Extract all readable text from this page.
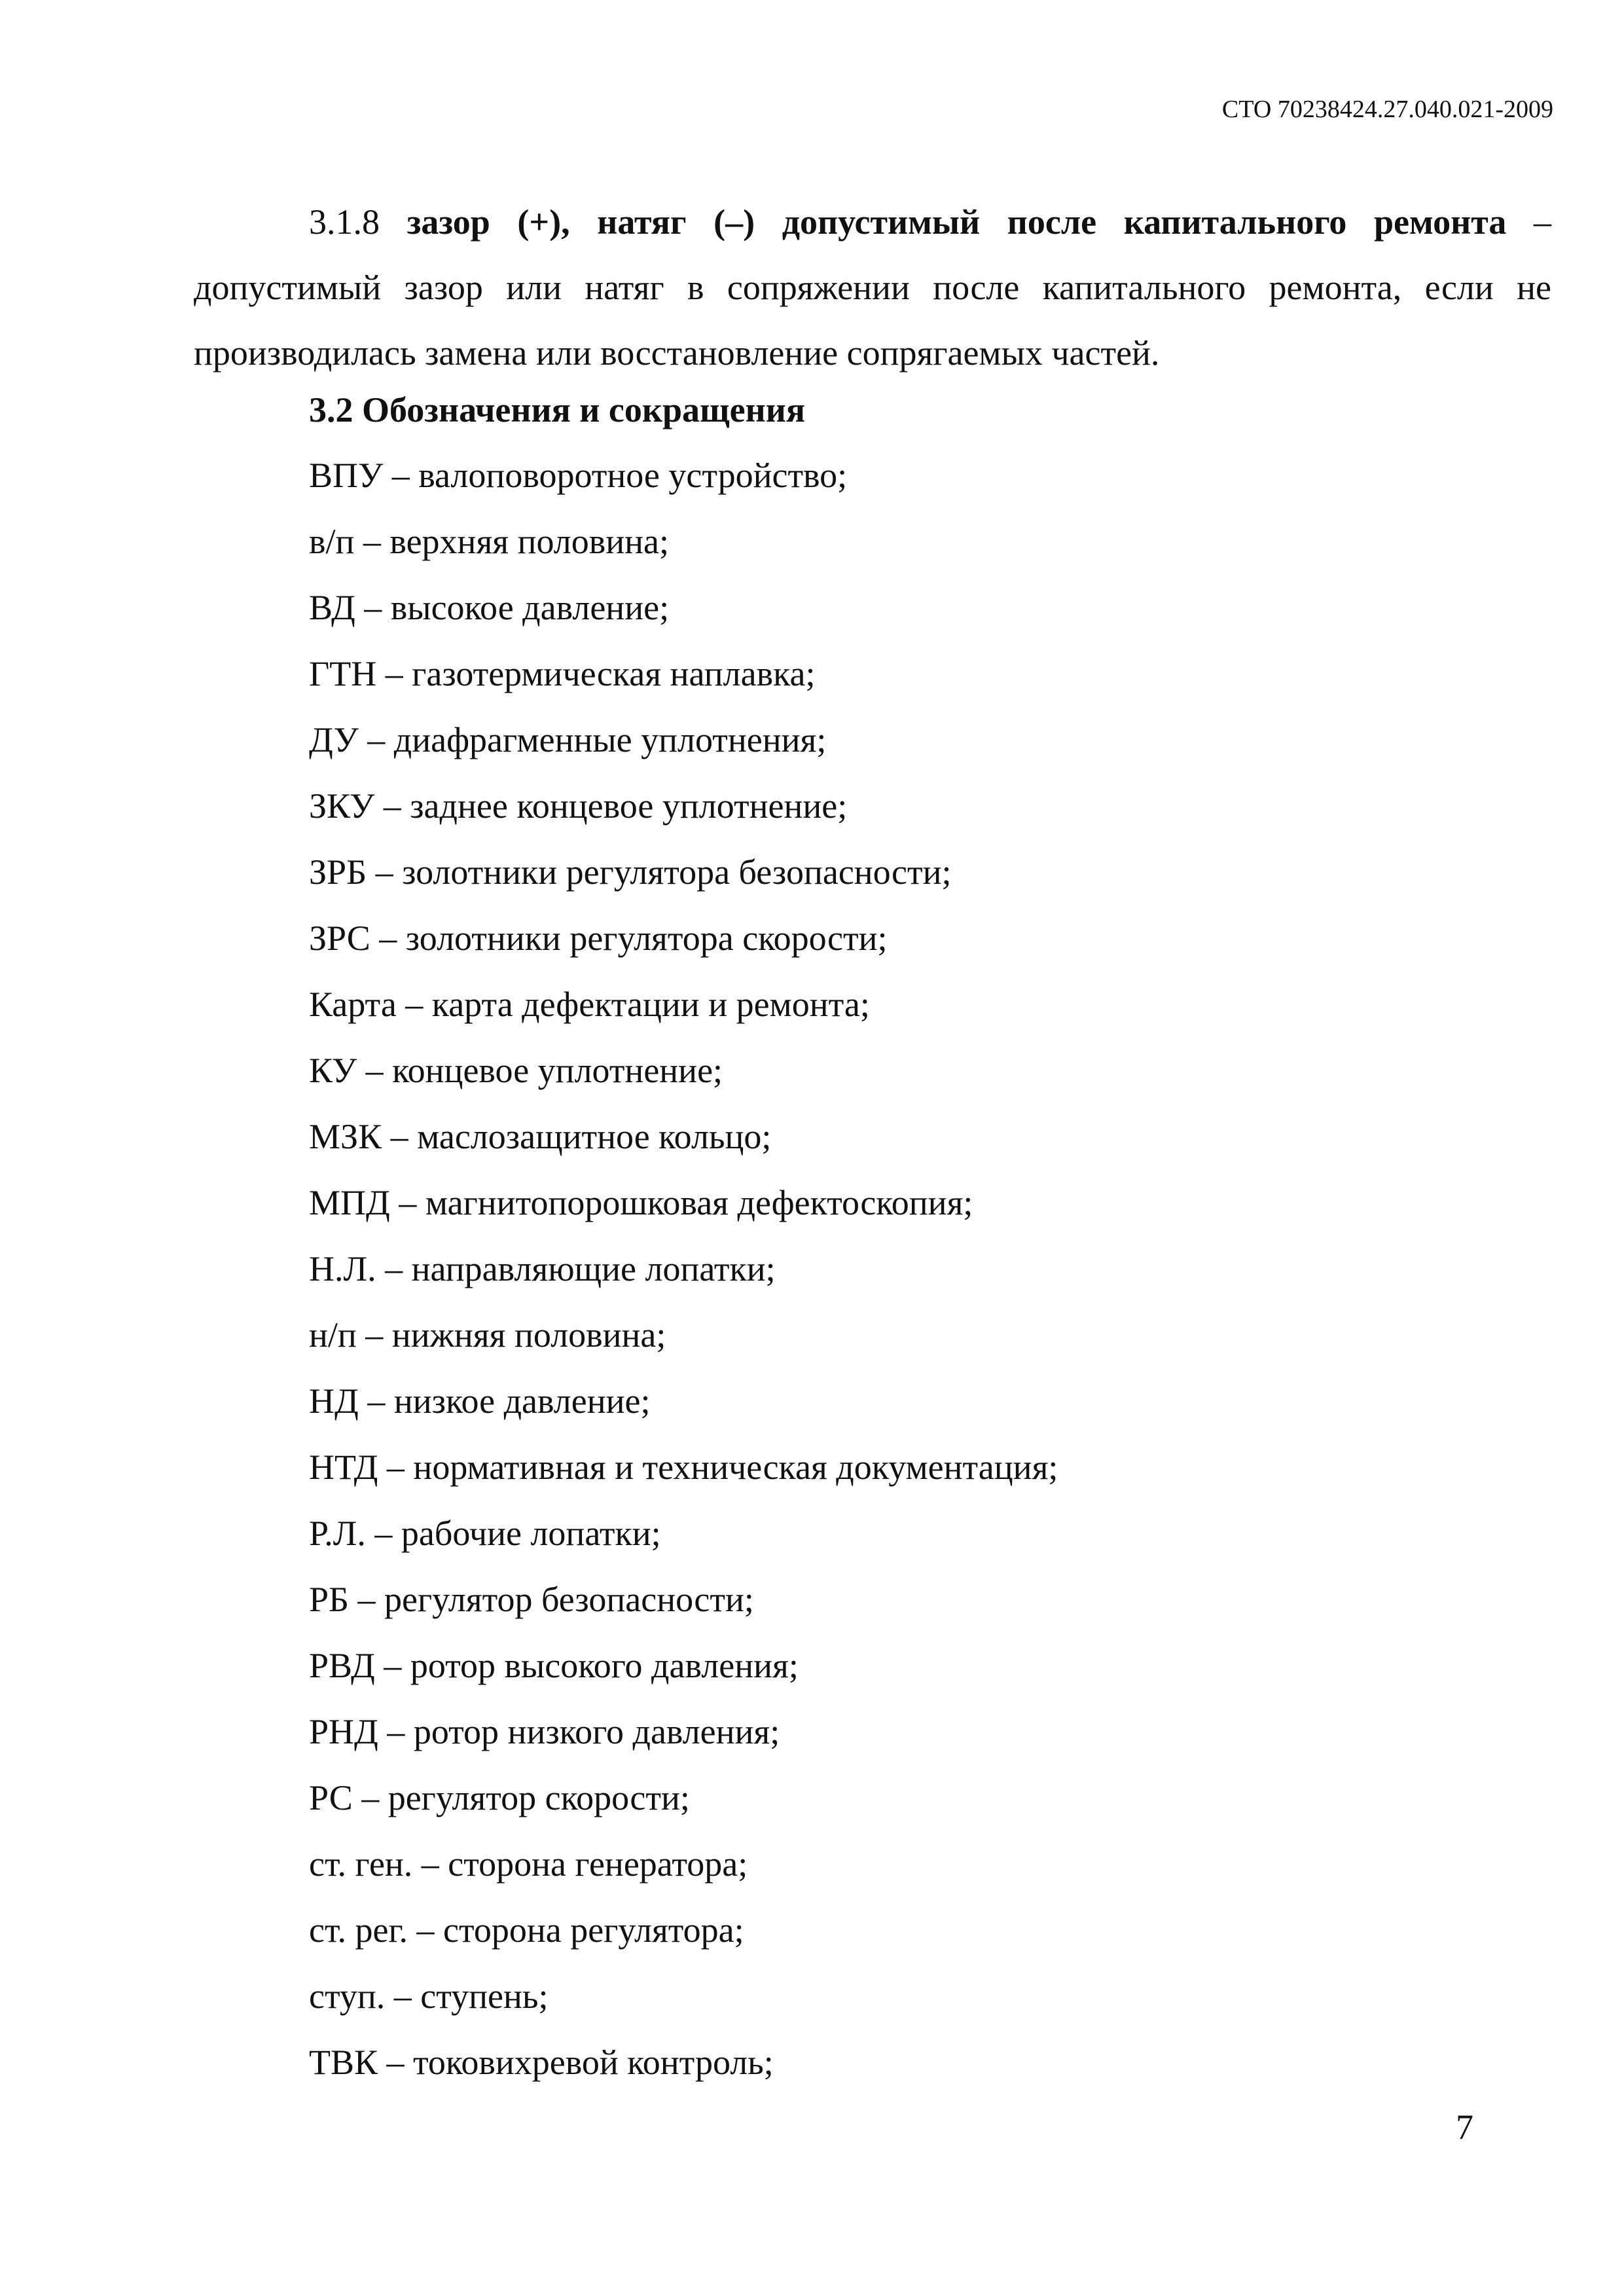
СТО 70238424.27.040.021-2009

3.1.8 зазор (+), натяг (–) допустимый после капитального ремонта – допустимый зазор или натяг в сопряжении после капитального ремонта, если не производилась замена или восстановление сопрягаемых частей.

3.2 Обозначения и сокращения
ВПУ – валоповоротное устройство;
в/п – верхняя половина;
ВД – высокое давление;
ГТН – газотермическая наплавка;
ДУ – диафрагменные уплотнения;
ЗКУ – заднее концевое уплотнение;
ЗРБ – золотники регулятора безопасности;
ЗРС – золотники регулятора скорости;
Карта – карта дефектации и ремонта;
КУ – концевое уплотнение;
МЗК – маслозащитное кольцо;
МПД – магнитопорошковая дефектоскопия;
Н.Л. – направляющие лопатки;
н/п – нижняя половина;
НД – низкое давление;
НТД – нормативная и техническая документация;
Р.Л. – рабочие лопатки;
РБ – регулятор безопасности;
РВД – ротор высокого давления;
РНД – ротор низкого давления;
РС – регулятор скорости;
ст. ген. – сторона генератора;
ст. рег. – сторона регулятора;
ступ. – ступень;
ТВК – токовихревой контроль;
7
